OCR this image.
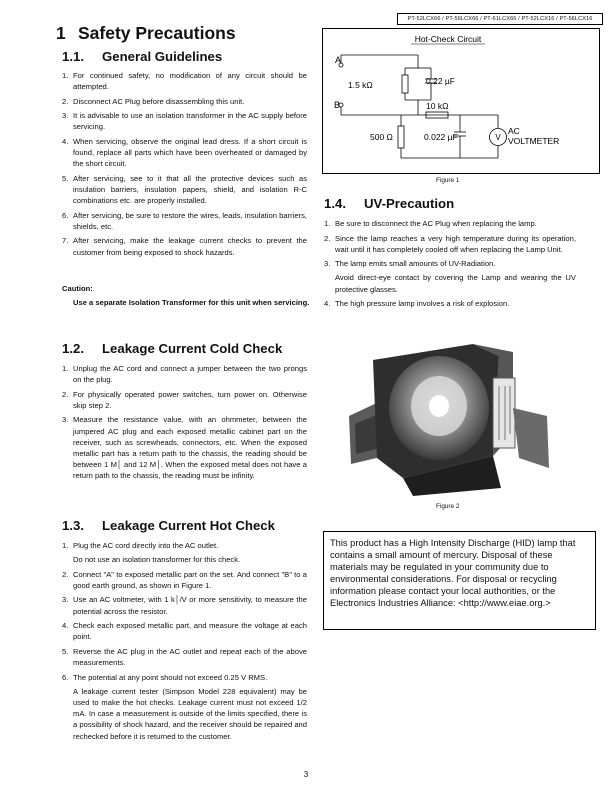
PT-52LCX66 / PT-56LCX66 / PT-61LCX66 / PT-52LCX16 / PT-56LCX16
1 Safety Precautions
1.1. General Guidelines
1. For continued safety, no modification of any circuit should be attempted.
2. Disconnect AC Plug before disassembling this unit.
3. It is advisable to use an isolation transformer in the AC supply before servicing.
4. When servicing, observe the original lead dress. If a short circuit is found, replace all parts which have been overheated or damaged by the short circuit.
5. After servicing, see to it that all the protective devices such as insulation barriers, insulation papers, shield, and isolation R-C combinations etc. are properly installed.
6. After servicing, be sure to restore the wires, leads, insulation barriers, shields, etc.
7. After servicing, make the leakage current checks to prevent the customer from being exposed to shock hazards.
Caution:
Use a separate Isolation Transformer for this unit when servicing.
1.2. Leakage Current Cold Check
1. Unplug the AC cord and connect a jumper between the two prongs on the plug.
2. For physically operated power switches, turn power on. Otherwise skip step 2.
3. Measure the resistance value, with an ohmmeter, between the jumpered AC plug and each exposed metallic cabinet part on the receiver, such as screwheads, connectors, etc. When the exposed metallic part has a return path to the chassis, the reading should be between 1 M│ and 12 M│. When the exposed metal does not have a return path to the chassis, the reading must be infinity.
1.3. Leakage Current Hot Check
1. Plug the AC cord directly into the AC outlet.
Do not use an isolation transformer for this check.
2. Connect "A" to exposed metallic part on the set. And connect "B" to a good earth ground, as shown in Figure 1.
3. Use an AC voltmeter, with 1 k│/V or more sensitivity, to measure the potential across the resistor.
4. Check each exposed metallic part, and measure the voltage at each point.
5. Reverse the AC plug in the AC outlet and repeat each of the above measurements.
6. The potential at any point should not exceed 0.25 V RMS.
A leakage current tester (Simpson Model 228 equivalent) may be used to make the hot checks. Leakage current must not exceed 1/2 mA. In case a measurement is outside of the limits specified, there is a possibility of shock hazard, and the receiver should be repaired and rechecked before it is returned to the customer.
Hot-Check Circuit
A
B
1.5 kΩ	0.22 µF
10 kΩ
500 Ω	0.022 µF	V
AC
VOLTMETER
Figure 1
1.4. UV-Precaution
1. Be sure to disconnect the AC Plug when replacing the lamp.
2. Since the lamp reaches a very high temperature during its operation, wait until it has completely cooled off when replacing the Lamp Unit.
3. The lamp emits small amounts of UV-Radiation.
Avoid direct-eye contact by covering the Lamp and wearing the UV protective glasses.
4. The high pressure lamp involves a risk of explosion.
Figure 2
This product has a High Intensity Discharge (HID) lamp that contains a small amount of mercury. Disposal of these materials may be regulated in your community due to environmental considerations. For disposal or recycling information please contact your local authorities, or the Electronics Industries Alliance: <http://www.eiae.org.>
3
